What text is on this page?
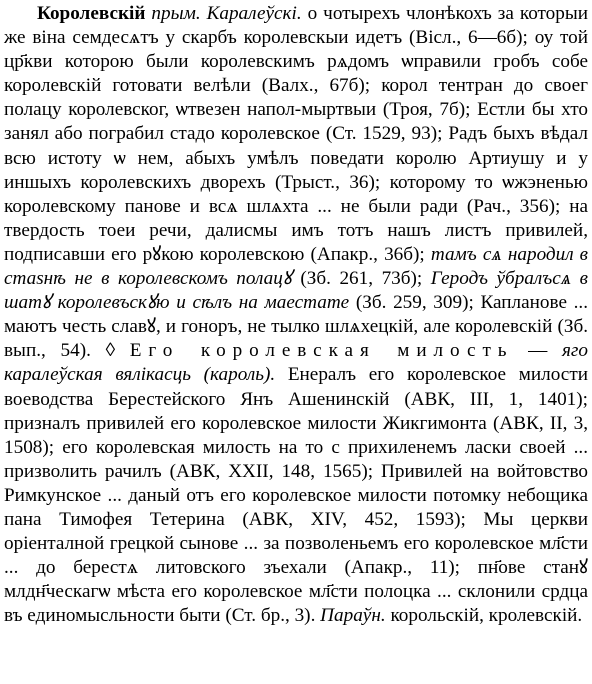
Королевскій прым. Каралеўскі. о чотырехъ члонѣкохъ за которыи же віна семдесѧтъ у скарбъ королевскыи идетъ (Вісл., 6—6б); оу той цр҃кви которою были королевскимъ рѧдомъ ѡправили гробъ собе королевскій готовати велѣли (Валх., 67б); корол тентран до своег полацу королевског, ѡтвезен напол-мыртвыи (Троя, 7б); Естли бы хто занял або пограбил стадо королевское (Ст. 1529, 93); Радъ быхъ вѣдал всю истоту ѡ нем, абыхъ умѣлъ поведати королю Артиушу и у иншыхъ королевскихъ дворехъ (Трыст., 36); которому то ѡжэненью королевскому панове и всѧ шлѧхта ... не были ради (Рач., 356); на твердость тоеи речи, далисмы имъ тотъ нашъ листъ привилей, подписавши его рꙋкою королевскою (Апакр., 36б); тамъ сѧ народил в стаѕнѣ не в королевскомъ полацꙋ (Зб. 261, 73б); Геродъ ўбралъсѧ в шатꙋ королевъскꙋю и сѣлъ на маестате (Зб. 259, 309); Капланове ... маютъ честь славꙋ, и гоноръ, не тылко шлѧхецкій, але королевскій (Зб. вып., 54). ◊ Его королевская милость — яго каралеўская вялікасць (кароль). Енералъ его королевское милости воеводства Берестейского Янъ Ашенинскій (АВК, III, 1, 1401); призналъ привилей его королевское милости Жикгимонта (АВК, II, 3, 1508); его королевская милость на то с прихиленемъ ласки своей ... призволить рачилъ (АВК, XXII, 148, 1565); Привилей на войтовство Римкунское ... даный отъ его королевское милости потомку небощика пана Тимофея Тетерина (АВК, XIV, 452, 1593); Мы церкви оріенталной грецкой сынове ... за позволеньемъ его королевское мл҃сти ... до берестѧ литовского зъехали (Апакр., 11); пн҃ове станꙋ млдн҃ческагѡ мѣста его королевское мл҃сти полоцка ... склонили срдца въ единомысльности быти (Ст. бр., 3). Параўн. корольскій, кролевскій.
